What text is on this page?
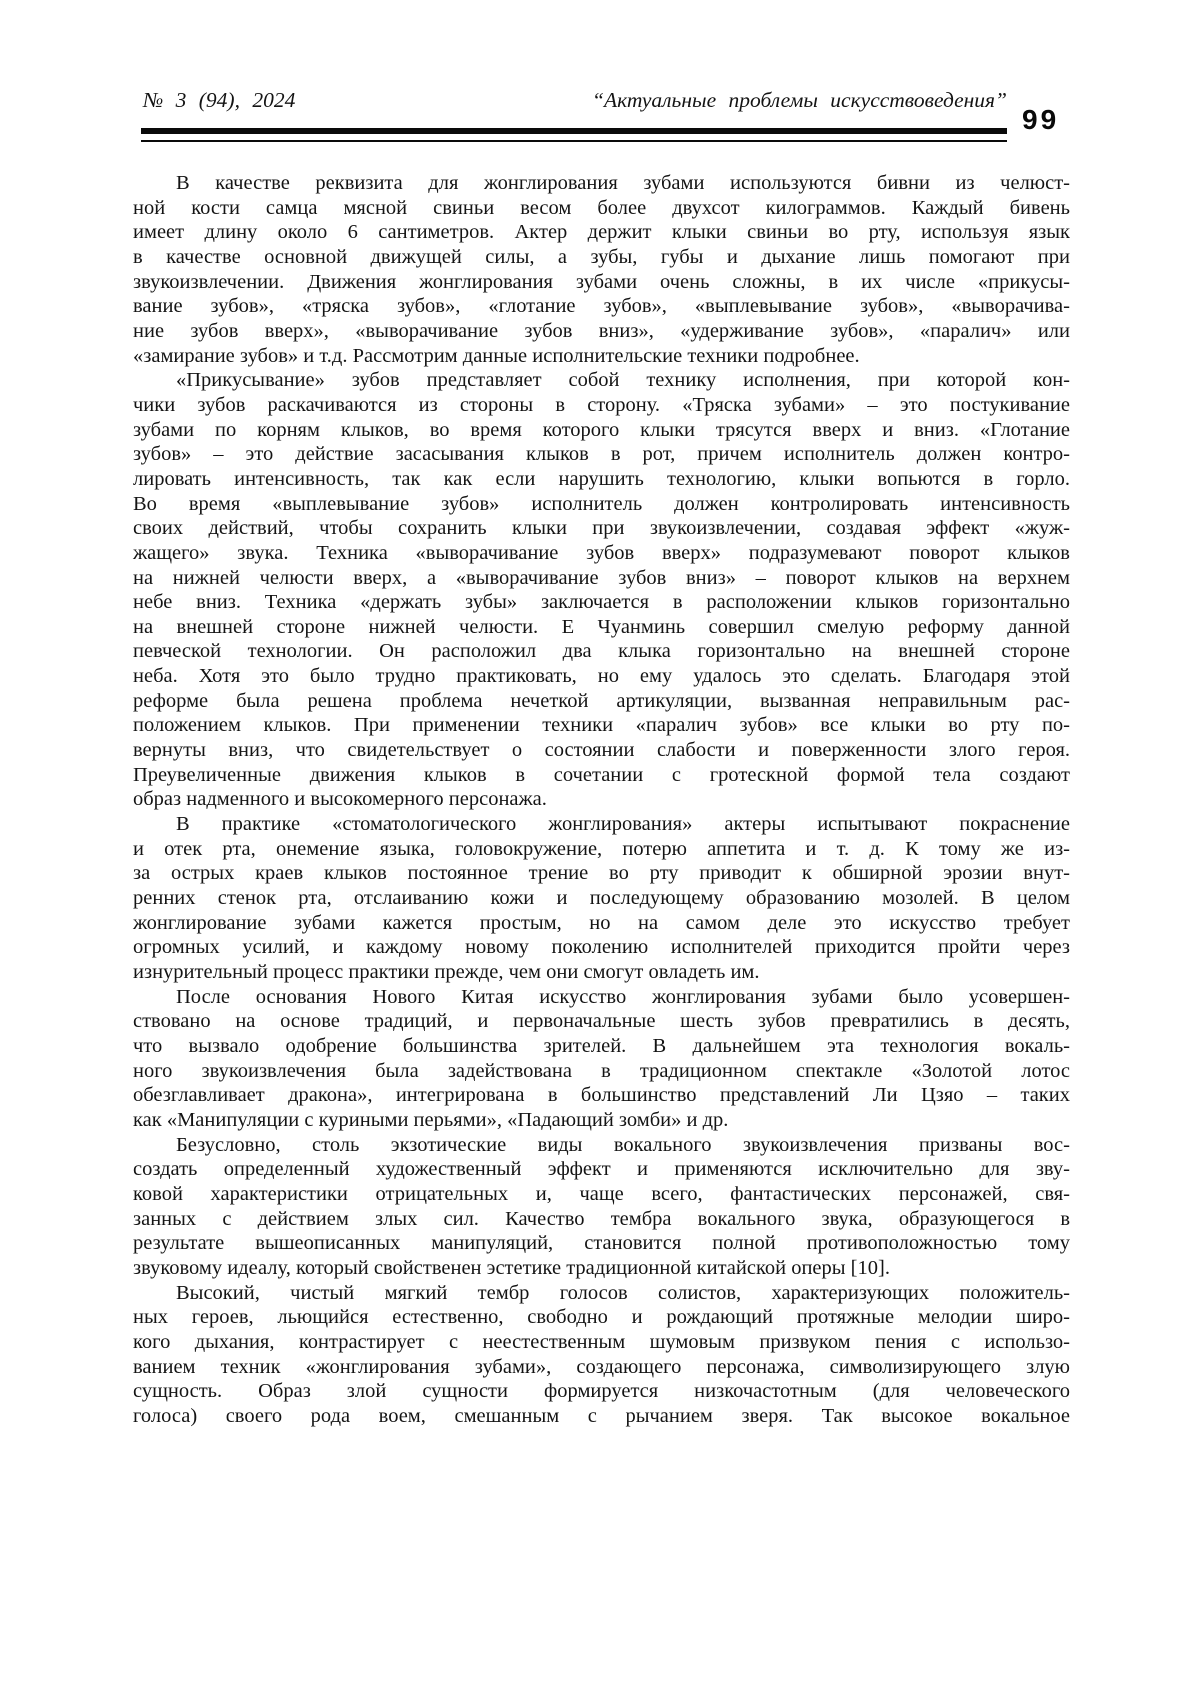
№ 3 (94), 2024	“Актуальные проблемы искусствоведения”
99
В качестве реквизита для жонглирования зубами используются бивни из челюст-
ной кости самца мясной свиньи весом более двухсот килограммов. Каждый бивень
имеет длину около 6 сантиметров. Актер держит клыки свиньи во рту, используя язык
в качестве основной движущей силы, а зубы, губы и дыхание лишь помогают при
звукоизвлечении. Движения жонглирования зубами очень сложны, в их числе «прикусы-
вание зубов», «тряска зубов», «глотание зубов», «выплевывание зубов», «выворачива-
ние зубов вверх», «выворачивание зубов вниз», «удерживание зубов», «паралич» или
«замирание зубов» и т.д. Рассмотрим данные исполнительские техники подробнее.
«Прикусывание» зубов представляет собой технику исполнения, при которой кон-
чики зубов раскачиваются из стороны в сторону. «Тряска зубами» – это постукивание
зубами по корням клыков, во время которого клыки трясутся вверх и вниз. «Глотание
зубов» – это действие засасывания клыков в рот, причем исполнитель должен контро-
лировать интенсивность, так как если нарушить технологию, клыки вопьются в горло.
Во время «выплевывание зубов» исполнитель должен контролировать интенсивность
своих действий, чтобы сохранить клыки при звукоизвлечении, создавая эффект «жуж-
жащего» звука. Техника «выворачивание зубов вверх» подразумевают поворот клыков
на нижней челюсти вверх, а «выворачивание зубов вниз» – поворот клыков на верхнем
небе вниз. Техника «держать зубы» заключается в расположении клыков горизонтально
на внешней стороне нижней челюсти. Е Чуанминь совершил смелую реформу данной
певческой технологии. Он расположил два клыка горизонтально на внешней стороне
неба. Хотя это было трудно практиковать, но ему удалось это сделать. Благодаря этой
реформе была решена проблема нечеткой артикуляции, вызванная неправильным рас-
положением клыков. При применении техники «паралич зубов» все клыки во рту по-
вернуты вниз, что свидетельствует о состоянии слабости и поверженности злого героя.
Преувеличенные движения клыков в сочетании с гротескной формой тела создают
образ надменного и высокомерного персонажа.
В практике «стоматологического жонглирования» актеры испытывают покраснение
и отек рта, онемение языка, головокружение, потерю аппетита и т. д. К тому же из-
за острых краев клыков постоянное трение во рту приводит к обширной эрозии внут-
ренних стенок рта, отслаиванию кожи и последующему образованию мозолей. В целом
жонглирование зубами кажется простым, но на самом деле это искусство требует
огромных усилий, и каждому новому поколению исполнителей приходится пройти через
изнурительный процесс практики прежде, чем они смогут овладеть им.
После основания Нового Китая искусство жонглирования зубами было усовершен-
ствовано на основе традиций, и первоначальные шесть зубов превратились в десять,
что вызвало одобрение большинства зрителей. В дальнейшем эта технология вокаль-
ного звукоизвлечения была задействована в традиционном спектакле «Золотой лотос
обезглавливает дракона», интегрирована в большинство представлений Ли Цзяо – таких
как «Манипуляции с куриными перьями», «Падающий зомби» и др.
Безусловно, столь экзотические виды вокального звукоизвлечения призваны вос-
создать определенный художественный эффект и применяются исключительно для зву-
ковой характеристики отрицательных и, чаще всего, фантастических персонажей, свя-
занных с действием злых сил. Качество тембра вокального звука, образующегося в
результате вышеописанных манипуляций, становится полной противоположностью тому
звуковому идеалу, который свойственен эстетике традиционной китайской оперы [10].
Высокий, чистый мягкий тембр голосов солистов, характеризующих положитель-
ных героев, льющийся естественно, свободно и рождающий протяжные мелодии широ-
кого дыхания, контрастирует с неестественным шумовым призвуком пения с использо-
ванием техник «жонглирования зубами», создающего персонажа, символизирующего злую
сущность. Образ злой сущности формируется низкочастотным (для человеческого
голоса) своего рода воем, смешанным с рычанием зверя. Так высокое вокальное
